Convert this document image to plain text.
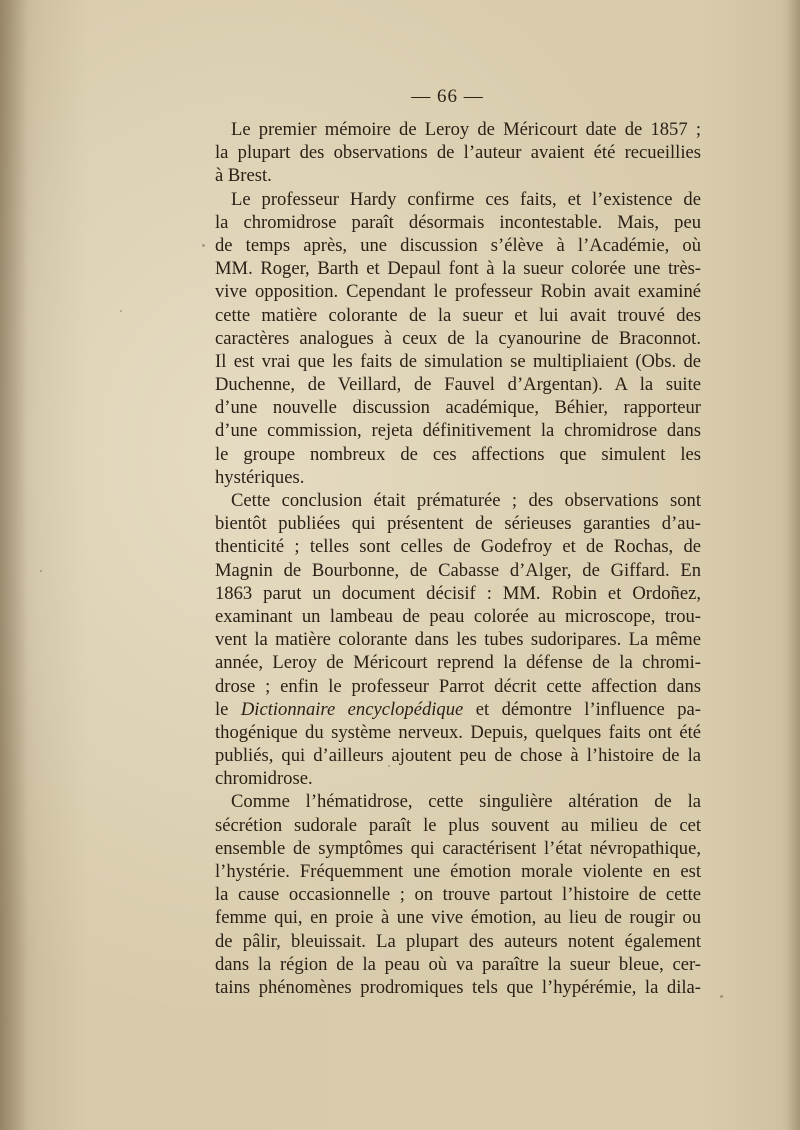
— 66 —
Le premier mémoire de Leroy de Méricourt date de 1857 ;
la plupart des observations de l’auteur avaient été recueillies
à Brest.
Le professeur Hardy confirme ces faits, et l’existence de
la chromidrose paraît désormais incontestable. Mais, peu
de temps après, une discussion s’élève à l’Académie, où
MM. Roger, Barth et Depaul font à la sueur colorée une très-
vive opposition. Cependant le professeur Robin avait examiné
cette matière colorante de la sueur et lui avait trouvé des
caractères analogues à ceux de la cyanourine de Braconnot.
Il est vrai que les faits de simulation se multipliaient (Obs. de
Duchenne, de Veillard, de Fauvel d’Argentan). A la suite
d’une nouvelle discussion académique, Béhier, rapporteur
d’une commission, rejeta définitivement la chromidrose dans
le groupe nombreux de ces affections que simulent les
hystériques.
Cette conclusion était prématurée ; des observations sont
bientôt publiées qui présentent de sérieuses garanties d’au-
thenticité ; telles sont celles de Godefroy et de Rochas, de
Magnin de Bourbonne, de Cabasse d’Alger, de Giffard. En
1863 parut un document décisif : MM. Robin et Ordoñez,
examinant un lambeau de peau colorée au microscope, trou-
vent la matière colorante dans les tubes sudoripares. La même
année, Leroy de Méricourt reprend la défense de la chromi-
drose ; enfin le professeur Parrot décrit cette affection dans
le Dictionnaire encyclopédique et démontre l’influence pa-
thogénique du système nerveux. Depuis, quelques faits ont été
publiés, qui d’ailleurs ajoutent peu de chose à l’histoire de la
chromidrose.
Comme l’hématidrose, cette singulière altération de la
sécrétion sudorale paraît le plus souvent au milieu de cet
ensemble de symptômes qui caractérisent l’état névropathique,
l’hystérie. Fréquemment une émotion morale violente en est
la cause occasionnelle ; on trouve partout l’histoire de cette
femme qui, en proie à une vive émotion, au lieu de rougir ou
de pâlir, bleuissait. La plupart des auteurs notent également
dans la région de la peau où va paraître la sueur bleue, cer-
tains phénomènes prodromiques tels que l’hypérémie, la dila-
